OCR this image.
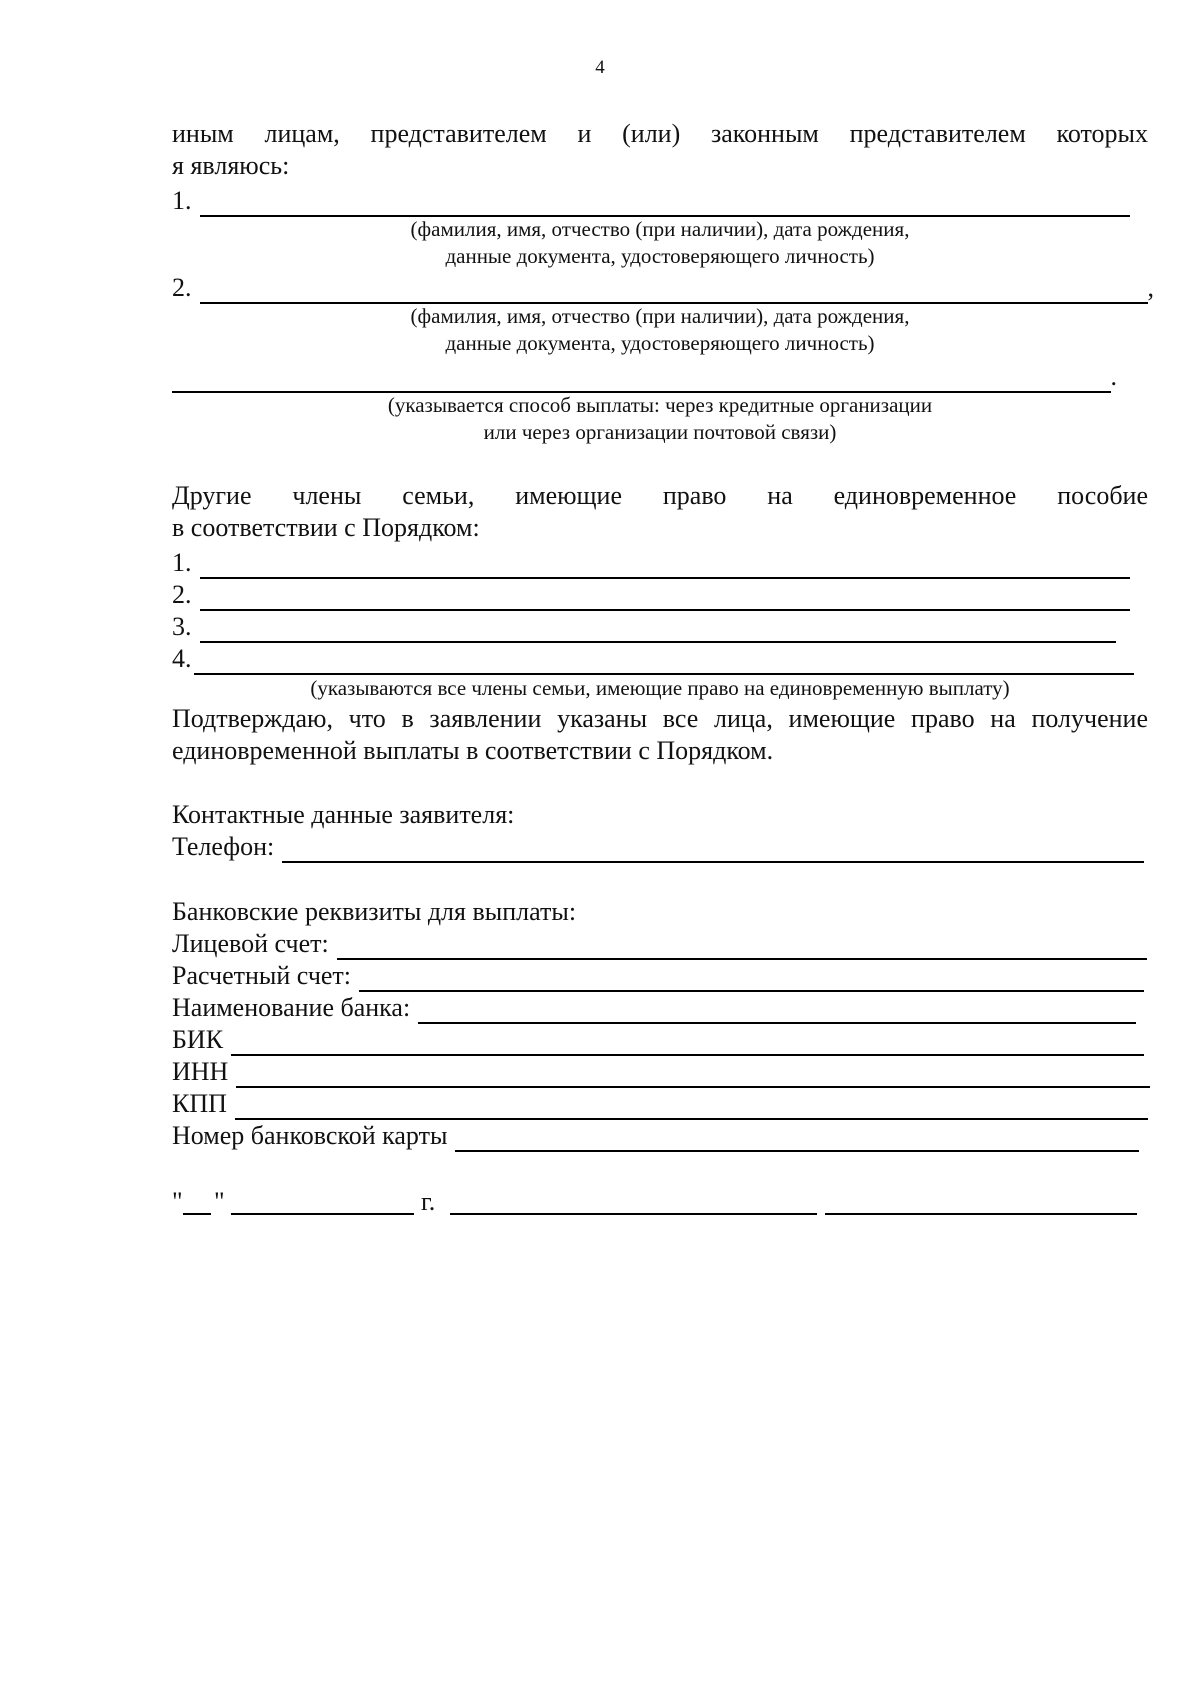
4
иным лицам, представителем и (или) законным представителем которых
я являюсь:
1.
(фамилия, имя, отчество (при наличии), дата рождения,
данные документа, удостоверяющего личность)
2.	,
(фамилия, имя, отчество (при наличии), дата рождения,
данные документа, удостоверяющего личность)
.
(указывается способ выплаты: через кредитные организации
или через организации почтовой связи)
Другие члены семьи, имеющие право на единовременное пособие
в соответствии с Порядком:
1.
2.
3.
4.
(указываются все члены семьи, имеющие право на единовременную выплату)
Подтверждаю, что в заявлении указаны все лица, имеющие право на получение
единовременной выплаты в соответствии с Порядком.
Контактные данные заявителя:
Телефон:
Банковские реквизиты для выплаты:
Лицевой счет:
Расчетный счет:
Наименование банка:
БИК
ИНН
КПП
Номер банковской карты
" "	г.
